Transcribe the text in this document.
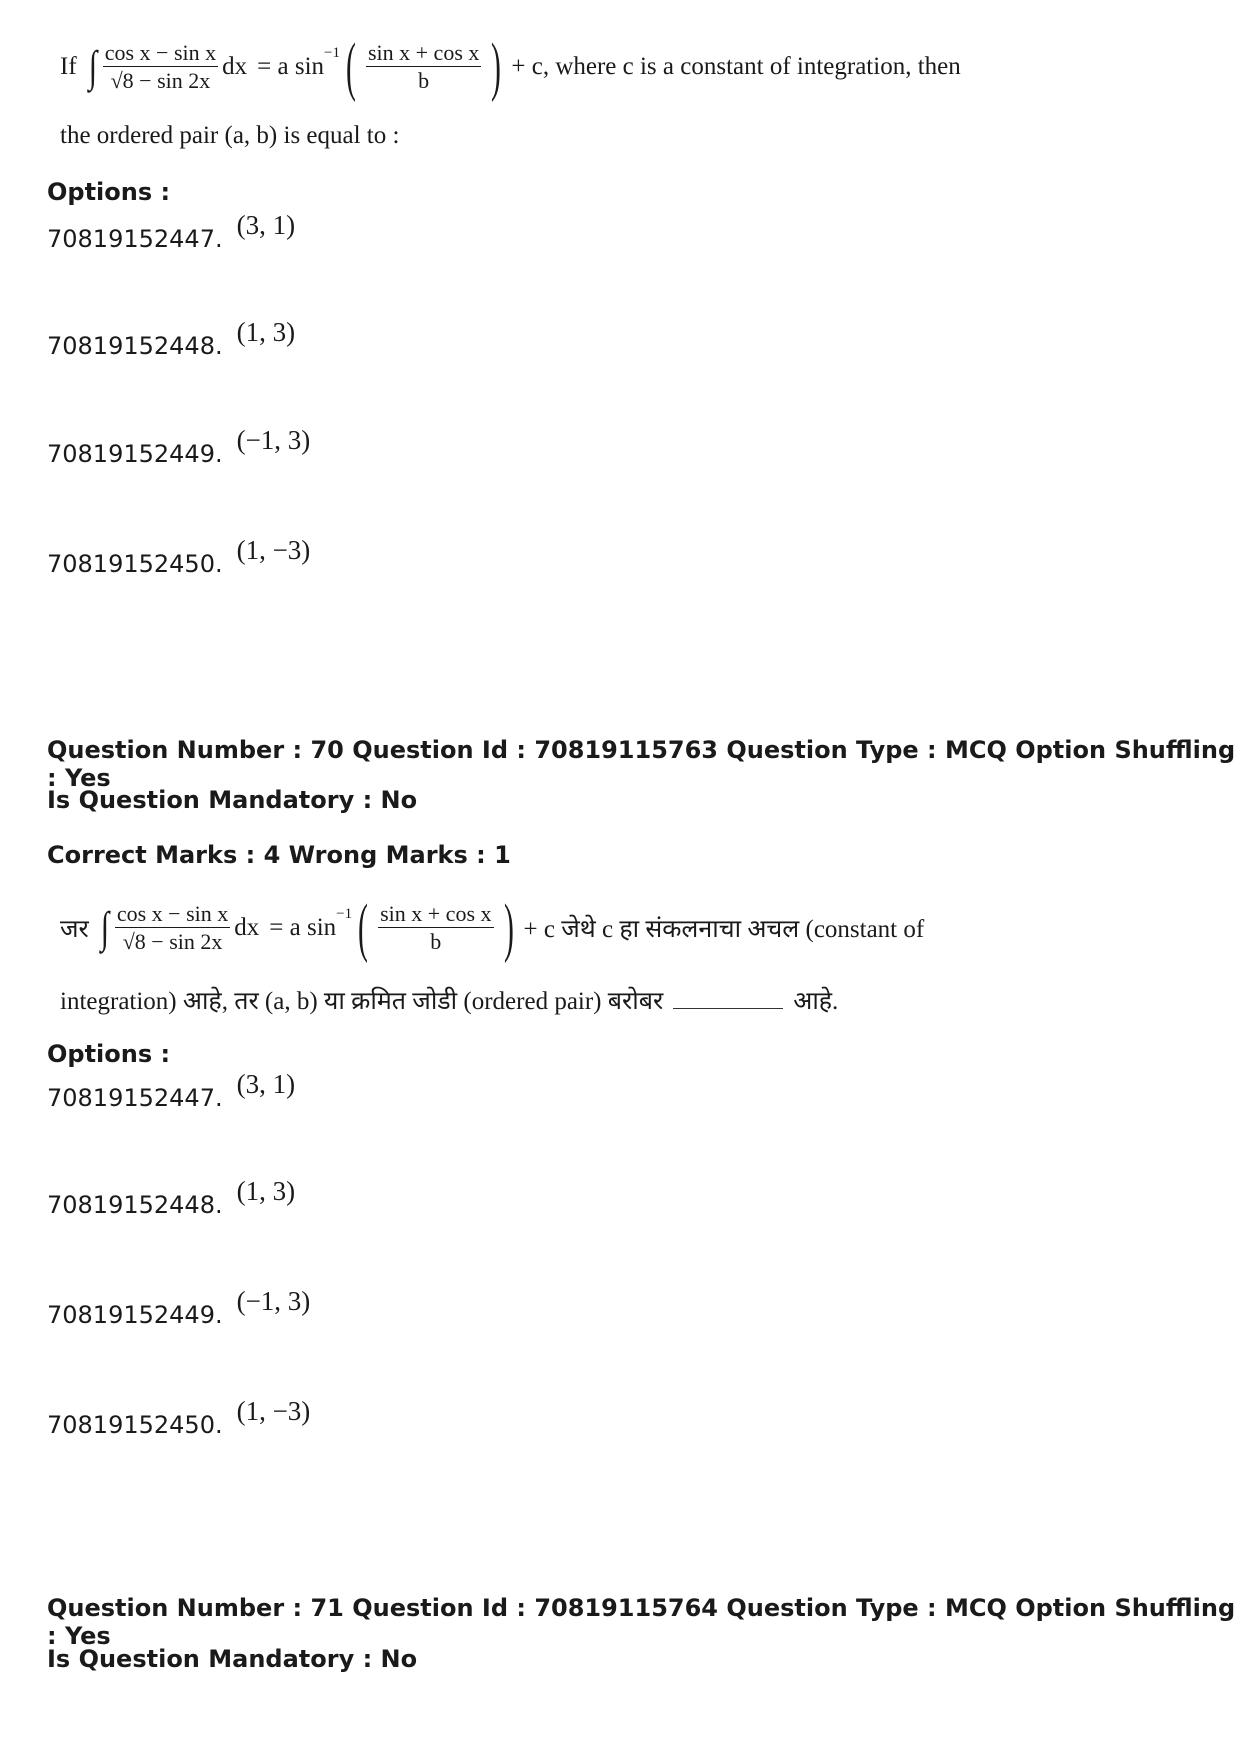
If ∫ $\frac{\text{cos x − sin x}}{√8 - \sin 2x}$ dx = a sin
$^{-1}$ ( $\frac{\text{sin x + cos x}}{b}$ ) + c, where c is a constant of integration, then
the ordered pair (a, b) is equal to :
Options :
70819152447. (3, 1)
70819152448. (1, 3)
70819152449. (−1, 3)
70819152450. (1, −3)
Question Number : 70 Question Id : 70819115763 Question Type : MCQ Option Shuffling : Yes
Is Question Mandatory : No
Correct Marks : 4 Wrong Marks : 1
जर ∫ $\frac{\text{cos x − sin x}}{√8 - \sin 2x}$ dx = a sin
$^{-1}$ ( $\frac{\text{sin x + cos x}}{b}$ ) + c जेथे c हा संकलनाचा अचल (constant of
integration) आहे, तर (a, b) या क्रमित जोडी (ordered pair) बरोबर	आहे.
Options :
70819152447. (3, 1)
70819152448. (1, 3)
70819152449. (−1, 3)
70819152450. (1, −3)
Question Number : 71 Question Id : 70819115764 Question Type : MCQ Option Shuffling : Yes
Is Question Mandatory : No
